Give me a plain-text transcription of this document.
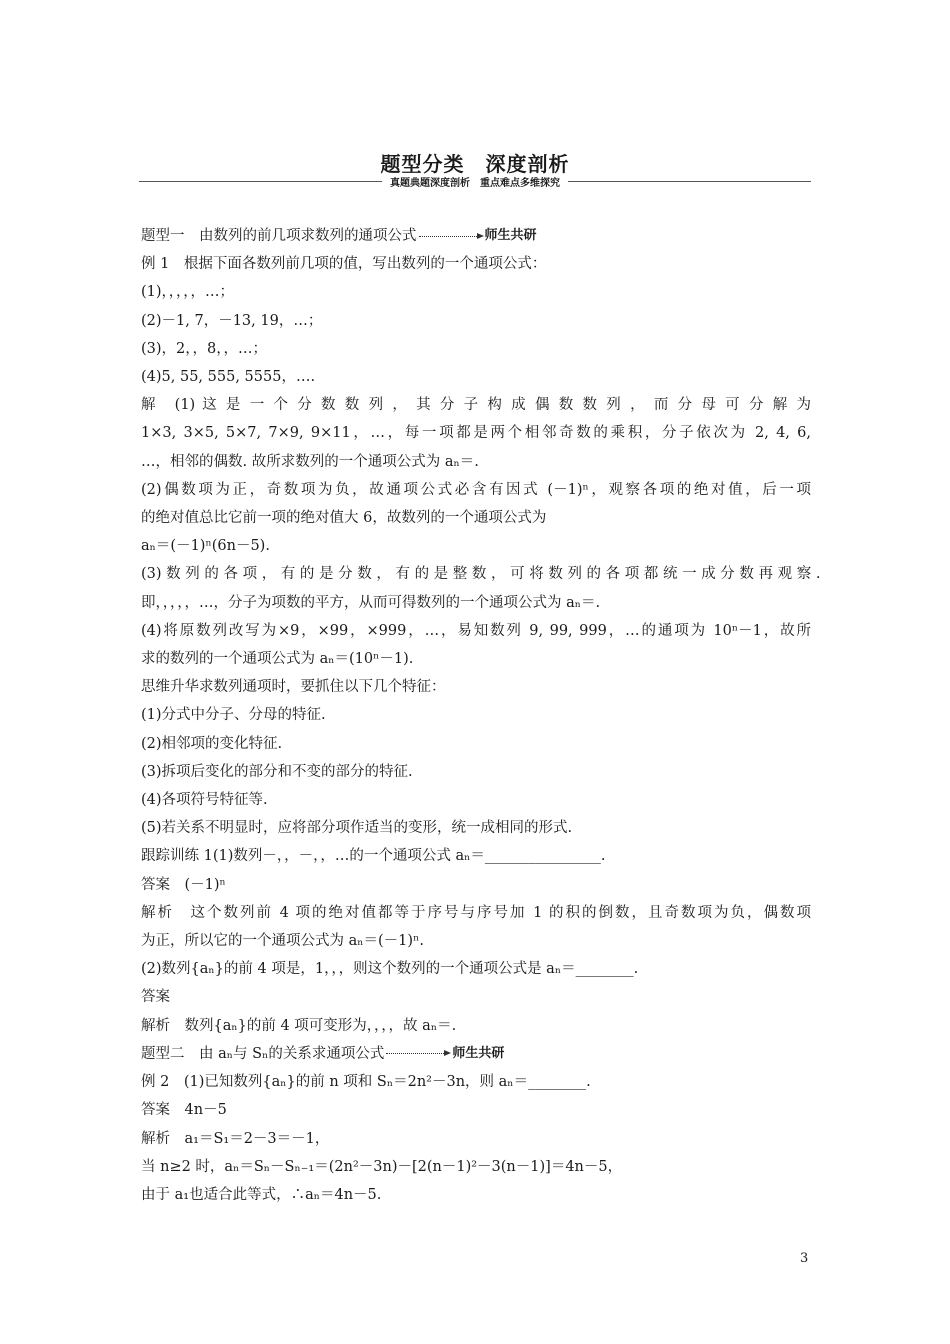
题型分类　深度剖析
真题典题深度剖析　重点难点多维探究
题型一　由数列的前几项求数列的通项公式	师生共研
例 1　根据下面各数列前几项的值，写出数列的一个通项公式：
(1)，，，，，…；
(2)－1, 7，－13, 19，…；
(3)，2，，8，，…；
(4)5, 55, 555, 5555，….
解　(1) 这 是 一 个 分 数 数 列 ， 其 分 子 构 成 偶 数 数 列 ， 而 分 母 可 分 解 为
1×3, 3×5, 5×7, 7×9, 9×11，…，每一项都是两个相邻奇数的乘积，分子依次为 2, 4, 6,
…，相邻的偶数. 故所求数列的一个通项公式为 aₙ＝.
(2)偶数项为正，奇数项为负，故通项公式必含有因式 (－1)ⁿ，观察各项的绝对值，后一项
的绝对值总比它前一项的绝对值大 6，故数列的一个通项公式为
aₙ＝(－1)ⁿ(6n－5).
(3) 数 列 的 各 项 ， 有 的 是 分 数 ， 有 的 是 整 数 ， 可 将 数 列 的 各 项 都 统 一 成 分 数 再 观 察 .
即，，，，，…，分子为项数的平方，从而可得数列的一个通项公式为 aₙ＝.
(4)将原数列改写为×9，×99，×999，…，易知数列 9, 99, 999，…的通项为 10ⁿ－1，故所
求的数列的一个通项公式为 aₙ＝(10ⁿ－1).
思维升华求数列通项时，要抓住以下几个特征：
(1)分式中分子、分母的特征.
(2)相邻项的变化特征.
(3)拆项后变化的部分和不变的部分的特征.
(4)各项符号特征等.
(5)若关系不明显时，应将部分项作适当的变形，统一成相同的形式.
跟踪训练 1(1)数列－，，－，，…的一个通项公式 aₙ＝________________.
答案　(－1)ⁿ
解析　这个数列前 4 项的绝对值都等于序号与序号加 1 的积的倒数，且奇数项为负，偶数项
为正，所以它的一个通项公式为 aₙ＝(－1)ⁿ.
(2)数列{aₙ}的前 4 项是，1，，，则这个数列的一个通项公式是 aₙ＝________.
答案
解析　数列{aₙ}的前 4 项可变形为，，，，故 aₙ＝.
题型二　由 aₙ与 Sₙ的关系求通项公式	师生共研
例 2　(1)已知数列{aₙ}的前 n 项和 Sₙ＝2n²－3n，则 aₙ＝________.
答案　4n－5
解析　a₁＝S₁＝2－3＝－1，
当 n≥2 时，aₙ＝Sₙ－Sₙ₋₁＝(2n²－3n)－[2(n－1)²－3(n－1)]＝4n－5，
由于 a₁也适合此等式，∴aₙ＝4n－5.
3
